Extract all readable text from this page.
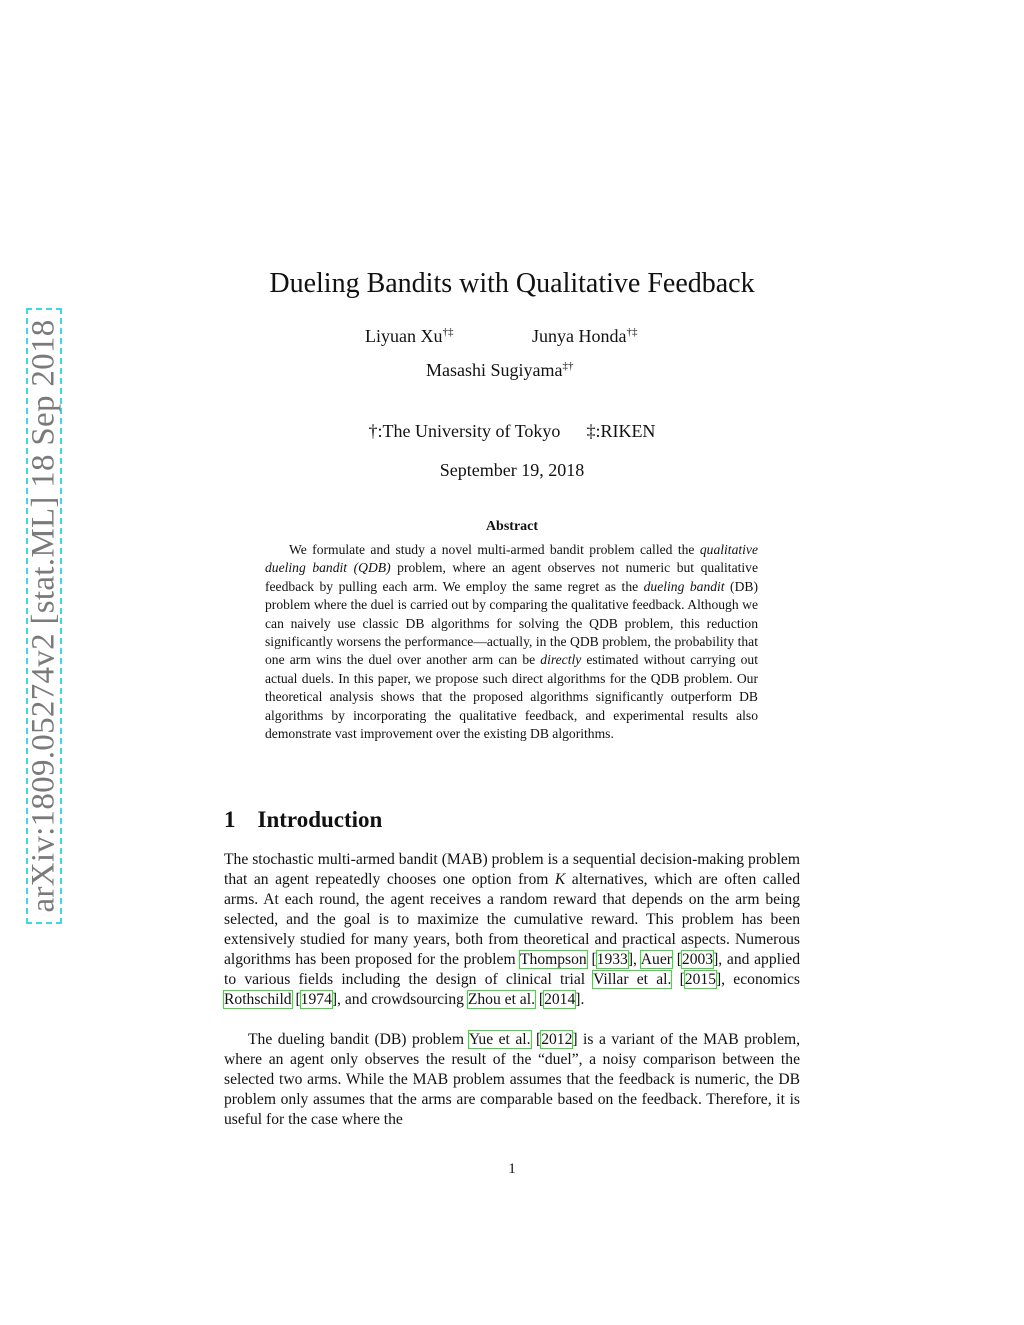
arXiv:1809.05274v2 [stat.ML] 18 Sep 2018
Dueling Bandits with Qualitative Feedback
Liyuan Xu†‡	Junya Honda†‡
Masashi Sugiyama‡†
†:The University of Tokyo ‡:RIKEN
September 19, 2018
Abstract

We formulate and study a novel multi-armed bandit problem called the qualitative dueling bandit (QDB) problem, where an agent observes not numeric but qualitative feedback by pulling each arm. We employ the same regret as the dueling bandit (DB) problem where the duel is carried out by comparing the qualitative feedback. Although we can naively use classic DB algorithms for solving the QDB problem, this reduction significantly worsens the performance—actually, in the QDB problem, the probability that one arm wins the duel over another arm can be directly estimated without carrying out actual duels. In this paper, we propose such direct algorithms for the QDB problem. Our theoretical analysis shows that the proposed algorithms significantly outperform DB algorithms by incorporating the qualitative feedback, and experimental results also demonstrate vast improvement over the existing DB algorithms.

1 Introduction

The stochastic multi-armed bandit (MAB) problem is a sequential decision-making problem that an agent repeatedly chooses one option from K alternatives, which are often called arms. At each round, the agent receives a random reward that depends on the arm being selected, and the goal is to maximize the cumulative reward. This problem has been extensively studied for many years, both from theoretical and practical aspects. Numerous algorithms has been proposed for the problem Thompson [1933], Auer [2003], and applied to various fields including the design of clinical trial Villar et al. [2015], economics Rothschild [1974], and crowdsourcing Zhou et al. [2014].

The dueling bandit (DB) problem Yue et al. [2012] is a variant of the MAB problem, where an agent only observes the result of the “duel”, a noisy comparison between the selected two arms. While the MAB problem assumes that the feedback is numeric, the DB problem only assumes that the arms are comparable based on the feedback. Therefore, it is useful for the case where the

1
